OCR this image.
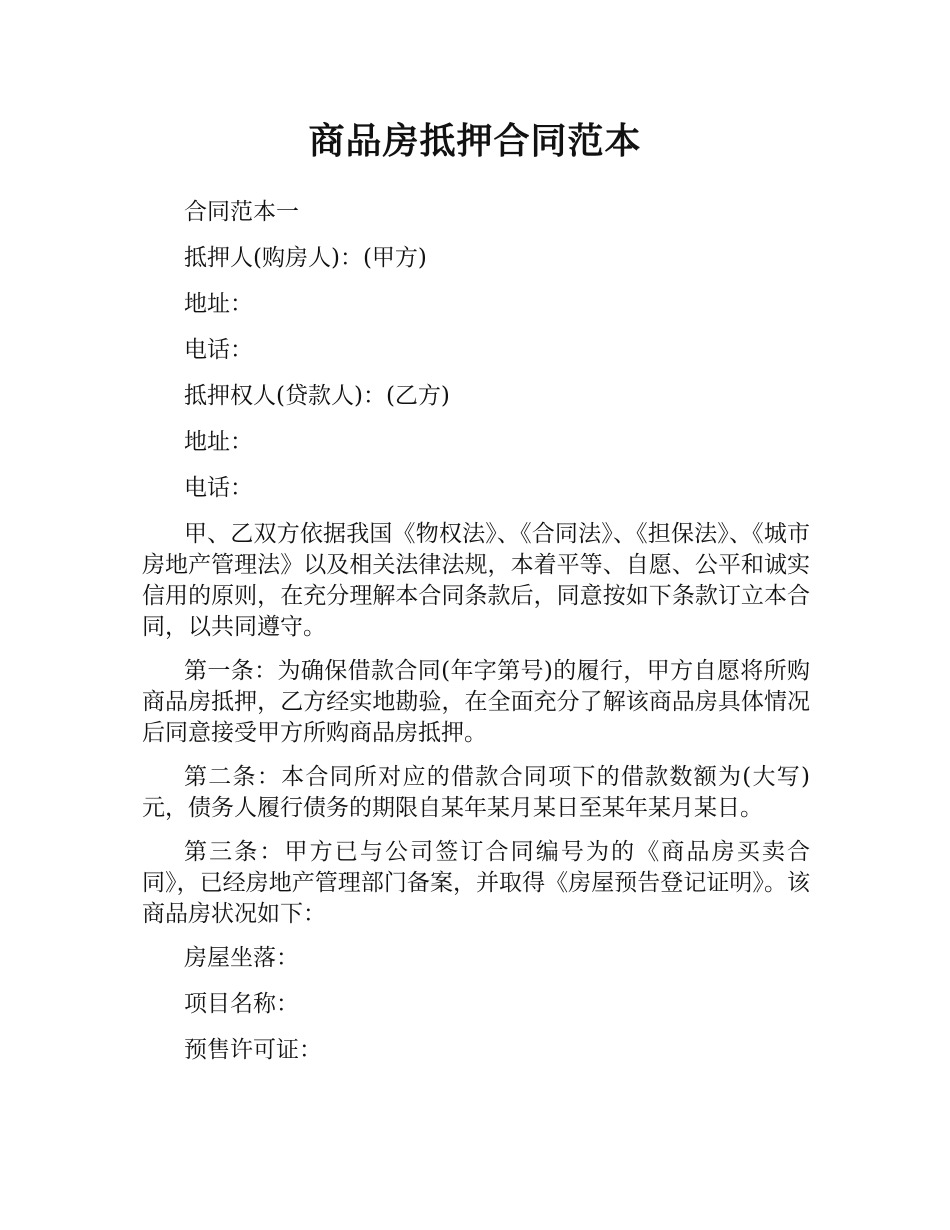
商品房抵押合同范本

合同范本一

抵押人(购房人)：(甲方)

地址：

电话：

抵押权人(贷款人)：(乙方)

地址：

电话：

甲、乙双方依据我国《物权法》、《合同法》、《担保法》、《城市房地产管理法》以及相关法律法规，本着平等、自愿、公平和诚实信用的原则，在充分理解本合同条款后，同意按如下条款订立本合同，以共同遵守。

第一条：为确保借款合同(年字第号)的履行，甲方自愿将所购商品房抵押，乙方经实地勘验，在全面充分了解该商品房具体情况后同意接受甲方所购商品房抵押。

第二条：本合同所对应的借款合同项下的借款数额为(大写)元，债务人履行债务的期限自某年某月某日至某年某月某日。

第三条：甲方已与公司签订合同编号为的《商品房买卖合同》，已经房地产管理部门备案，并取得《房屋预告登记证明》。该商品房状况如下：

房屋坐落：

项目名称：

预售许可证：
